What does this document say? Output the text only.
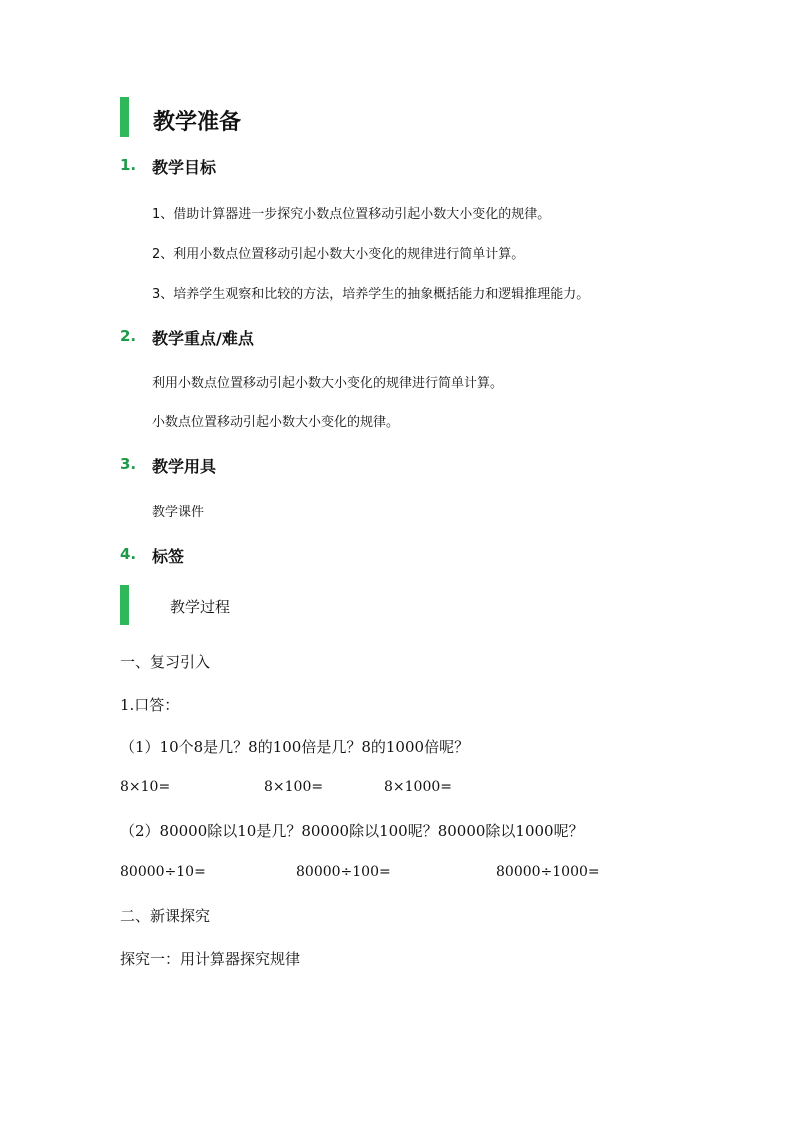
教学准备
1. 教学目标
1、借助计算器进一步探究小数点位置移动引起小数大小变化的规律。
2、利用小数点位置移动引起小数大小变化的规律进行简单计算。
3、培养学生观察和比较的方法，培养学生的抽象概括能力和逻辑推理能力。
2. 教学重点/难点
利用小数点位置移动引起小数大小变化的规律进行简单计算。
小数点位置移动引起小数大小变化的规律。
3. 教学用具
教学课件
4. 标签
教学过程
一、复习引入
1.口答：
（1）10个8是几？8的100倍是几？8的1000倍呢？
8×10=	8×100=	8×1000=
（2）80000除以10是几？80000除以100呢？80000除以1000呢？
80000÷10=	80000÷100=	80000÷1000=
二、新课探究
探究一：用计算器探究规律
